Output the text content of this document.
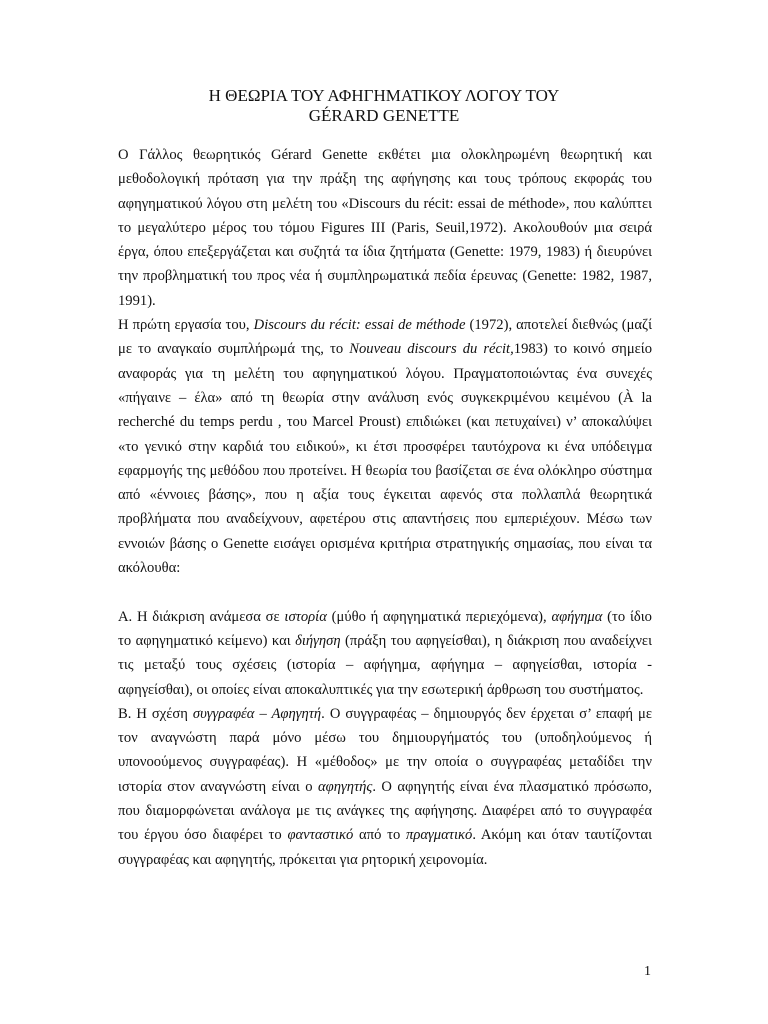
Η ΘΕΩΡΙΑ ΤΟΥ ΑΦΗΓΗΜΑΤΙΚΟΥ ΛΟΓΟΥ ΤΟΥ
GÉRARD GENETTE

Ο Γάλλος θεωρητικός Gérard Genette εκθέτει μια ολοκληρωμένη θεωρητική και μεθοδολογική πρόταση για την πράξη της αφήγησης και τους τρόπους εκφοράς του αφηγηματικού λόγου στη μελέτη του «Discours du récit: essai de méthode», που καλύπτει το μεγαλύτερο μέρος του τόμου Figures III (Paris, Seuil,1972). Ακολουθούν μια σειρά έργα, όπου επεξεργάζεται και συζητά τα ίδια ζητήματα (Genette: 1979, 1983) ή διευρύνει την προβληματική του προς νέα ή συμπληρωματικά πεδία έρευνας (Genette: 1982, 1987, 1991).

Η πρώτη εργασία του, Discours du récit: essai de méthode (1972), αποτελεί διεθνώς (μαζί με το αναγκαίο συμπλήρωμά της, το Nouveau discours du récit,1983) το κοινό σημείο αναφοράς για τη μελέτη του αφηγηματικού λόγου. Πραγματοποιώντας ένα συνεχές «πήγαινε – έλα» από τη θεωρία στην ανάλυση ενός συγκεκριμένου κειμένου (À la recherché du temps perdu , του Marcel Proust) επιδιώκει (και πετυχαίνει) ν’ αποκαλύψει «το γενικό στην καρδιά του ειδικού», κι έτσι προσφέρει ταυτόχρονα κι ένα υπόδειγμα εφαρμογής της μεθόδου που προτείνει. Η θεωρία του βασίζεται σε ένα ολόκληρο σύστημα από «έννοιες βάσης», που η αξία τους έγκειται αφενός στα πολλαπλά θεωρητικά προβλήματα που αναδείχνουν, αφετέρου στις απαντήσεις που εμπεριέχουν. Μέσω των εννοιών βάσης ο Genette εισάγει ορισμένα κριτήρια στρατηγικής σημασίας, που είναι τα ακόλουθα:

Α. Η διάκριση ανάμεσα σε ιστορία (μύθο ή αφηγηματικά περιεχόμενα), αφήγημα (το ίδιο το αφηγηματικό κείμενο) και διήγηση (πράξη του αφηγείσθαι), η διάκριση που αναδείχνει τις μεταξύ τους σχέσεις (ιστορία – αφήγημα, αφήγημα – αφηγείσθαι, ιστορία - αφηγείσθαι), οι οποίες είναι αποκαλυπτικές για την εσωτερική άρθρωση του συστήματος.

Β. Η σχέση συγγραφέα – Αφηγητή. Ο συγγραφέας – δημιουργός δεν έρχεται σ’ επαφή με τον αναγνώστη παρά μόνο μέσω του δημιουργήματός του (υποδηλούμενος ή υπονοούμενος συγγραφέας). Η «μέθοδος» με την οποία ο συγγραφέας μεταδίδει την ιστορία στον αναγνώστη είναι ο αφηγητής. Ο αφηγητής είναι ένα πλασματικό πρόσωπο, που διαμορφώνεται ανάλογα με τις ανάγκες της αφήγησης. Διαφέρει από το συγγραφέα του έργου όσο διαφέρει το φανταστικό από το πραγματικό. Ακόμη και όταν ταυτίζονται συγγραφέας και αφηγητής, πρόκειται για ρητορική χειρονομία.

1
